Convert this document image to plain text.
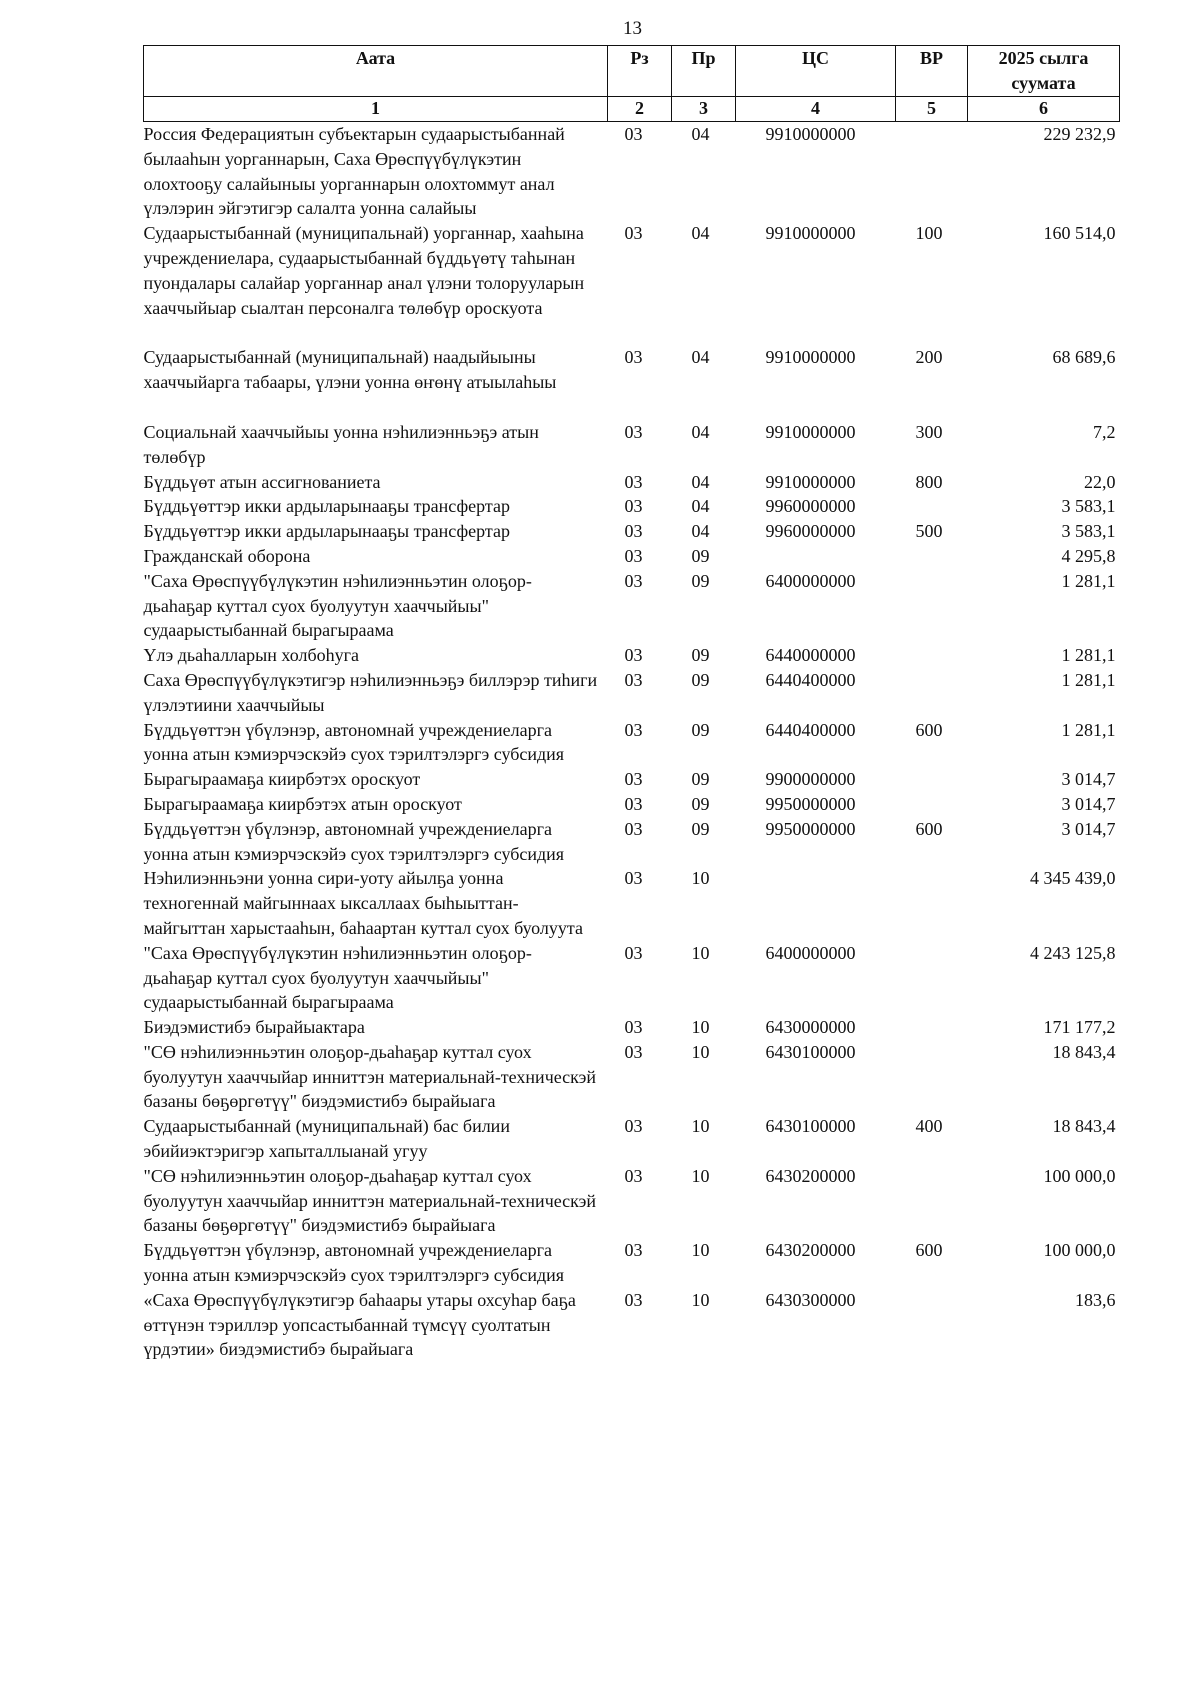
13
Аата	Рз	Пр	ЦС	ВР	2025 сылга суумата
1	2	3	4	5	6
Россия Федерациятын субъектарын судаарыстыбаннай былааһын уорганнарын, Саха Өрөспүүбүлүкэтин олохтооҕу салайыныы уорганнарын олохтоммут анал үлэлэрин эйгэтигэр салалта уонна салайыы	03	04	9910000000		229 232,9
Судаарыстыбаннай (муниципальнай) уорганнар, хааһына учреждениелара, судаарыстыбаннай бүддьүөтү таһынан пуондалары салайар уорганнар анал үлэни толорууларын хааччыйыар сыалтан персоналга төлөбүр ороскуота	03	04	9910000000	100	160 514,0
Судаарыстыбаннай (муниципальнай) наадыйыыны хааччыйарга табаары, үлэни уонна өҥөнү атыылаһыы	03	04	9910000000	200	68 689,6
Социальнай хааччыйыы уонна нэһилиэнньэҕэ атын төлөбүр	03	04	9910000000	300	7,2
Бүддьүөт атын ассигнованиета	03	04	9910000000	800	22,0
Бүддьүөттэр икки ардыларынааҕы трансфертар	03	04	9960000000		3 583,1
Бүддьүөттэр икки ардыларынааҕы трансфертар	03	04	9960000000	500	3 583,1
Гражданскай оборона	03	09			4 295,8
"Саха Өрөспүүбүлүкэтин нэһилиэнньэтин олоҕор-дьаһаҕар куттал суох буолуутун хааччыйыы" судаарыстыбаннай бырагыраама	03	09	6400000000		1 281,1
Үлэ дьаһалларын холбоһуга	03	09	6440000000		1 281,1
Саха Өрөспүүбүлүкэтигэр нэһилиэнньэҕэ биллэрэр тиһиги үлэлэтиини хааччыйыы	03	09	6440400000		1 281,1
Бүддьүөттэн үбүлэнэр, автономнай учреждениеларга уонна атын кэмиэрчэскэйэ суох тэрилтэлэргэ субсидия	03	09	6440400000	600	1 281,1
Бырагыраамаҕа киирбэтэх ороскуот	03	09	9900000000		3 014,7
Бырагыраамаҕа киирбэтэх атын ороскуот	03	09	9950000000		3 014,7
Бүддьүөттэн үбүлэнэр, автономнай учреждениеларга уонна атын кэмиэрчэскэйэ суох тэрилтэлэргэ субсидия	03	09	9950000000	600	3 014,7
Нэһилиэнньэни уонна сири-уоту айылҕа уонна техногеннай майгыннаах ыксаллаах быһыыттан-майгыттан харыстааһын, баһаартан куттал суох буолуута	03	10			4 345 439,0
"Саха Өрөспүүбүлүкэтин нэһилиэнньэтин олоҕор-дьаһаҕар куттал суох буолуутун хааччыйыы" судаарыстыбаннай бырагыраама	03	10	6400000000		4 243 125,8
Биэдэмистибэ бырайыактара	03	10	6430000000		171 177,2
"СӨ нэһилиэнньэтин олоҕор-дьаһаҕар куттал суох буолуутун хааччыйар инниттэн материальнай-техническэй базаны бөҕөргөтүү" биэдэмистибэ бырайыага	03	10	6430100000		18 843,4
Судаарыстыбаннай (муниципальнай) бас билии эбийиэктэригэр хапыталлыанай угуу	03	10	6430100000	400	18 843,4
"СӨ нэһилиэнньэтин олоҕор-дьаһаҕар куттал суох буолуутун хааччыйар инниттэн материальнай-техническэй базаны бөҕөргөтүү" биэдэмистибэ бырайыага	03	10	6430200000		100 000,0
Бүддьүөттэн үбүлэнэр, автономнай учреждениеларга уонна атын кэмиэрчэскэйэ суох тэрилтэлэргэ субсидия	03	10	6430200000	600	100 000,0
«Саха Өрөспүүбүлүкэтигэр баһаары утары охсуһар баҕа өттүнэн тэриллэр уопсастыбаннай түмсүү суолтатын үрдэтии» биэдэмистибэ бырайыага	03	10	6430300000		183,6
